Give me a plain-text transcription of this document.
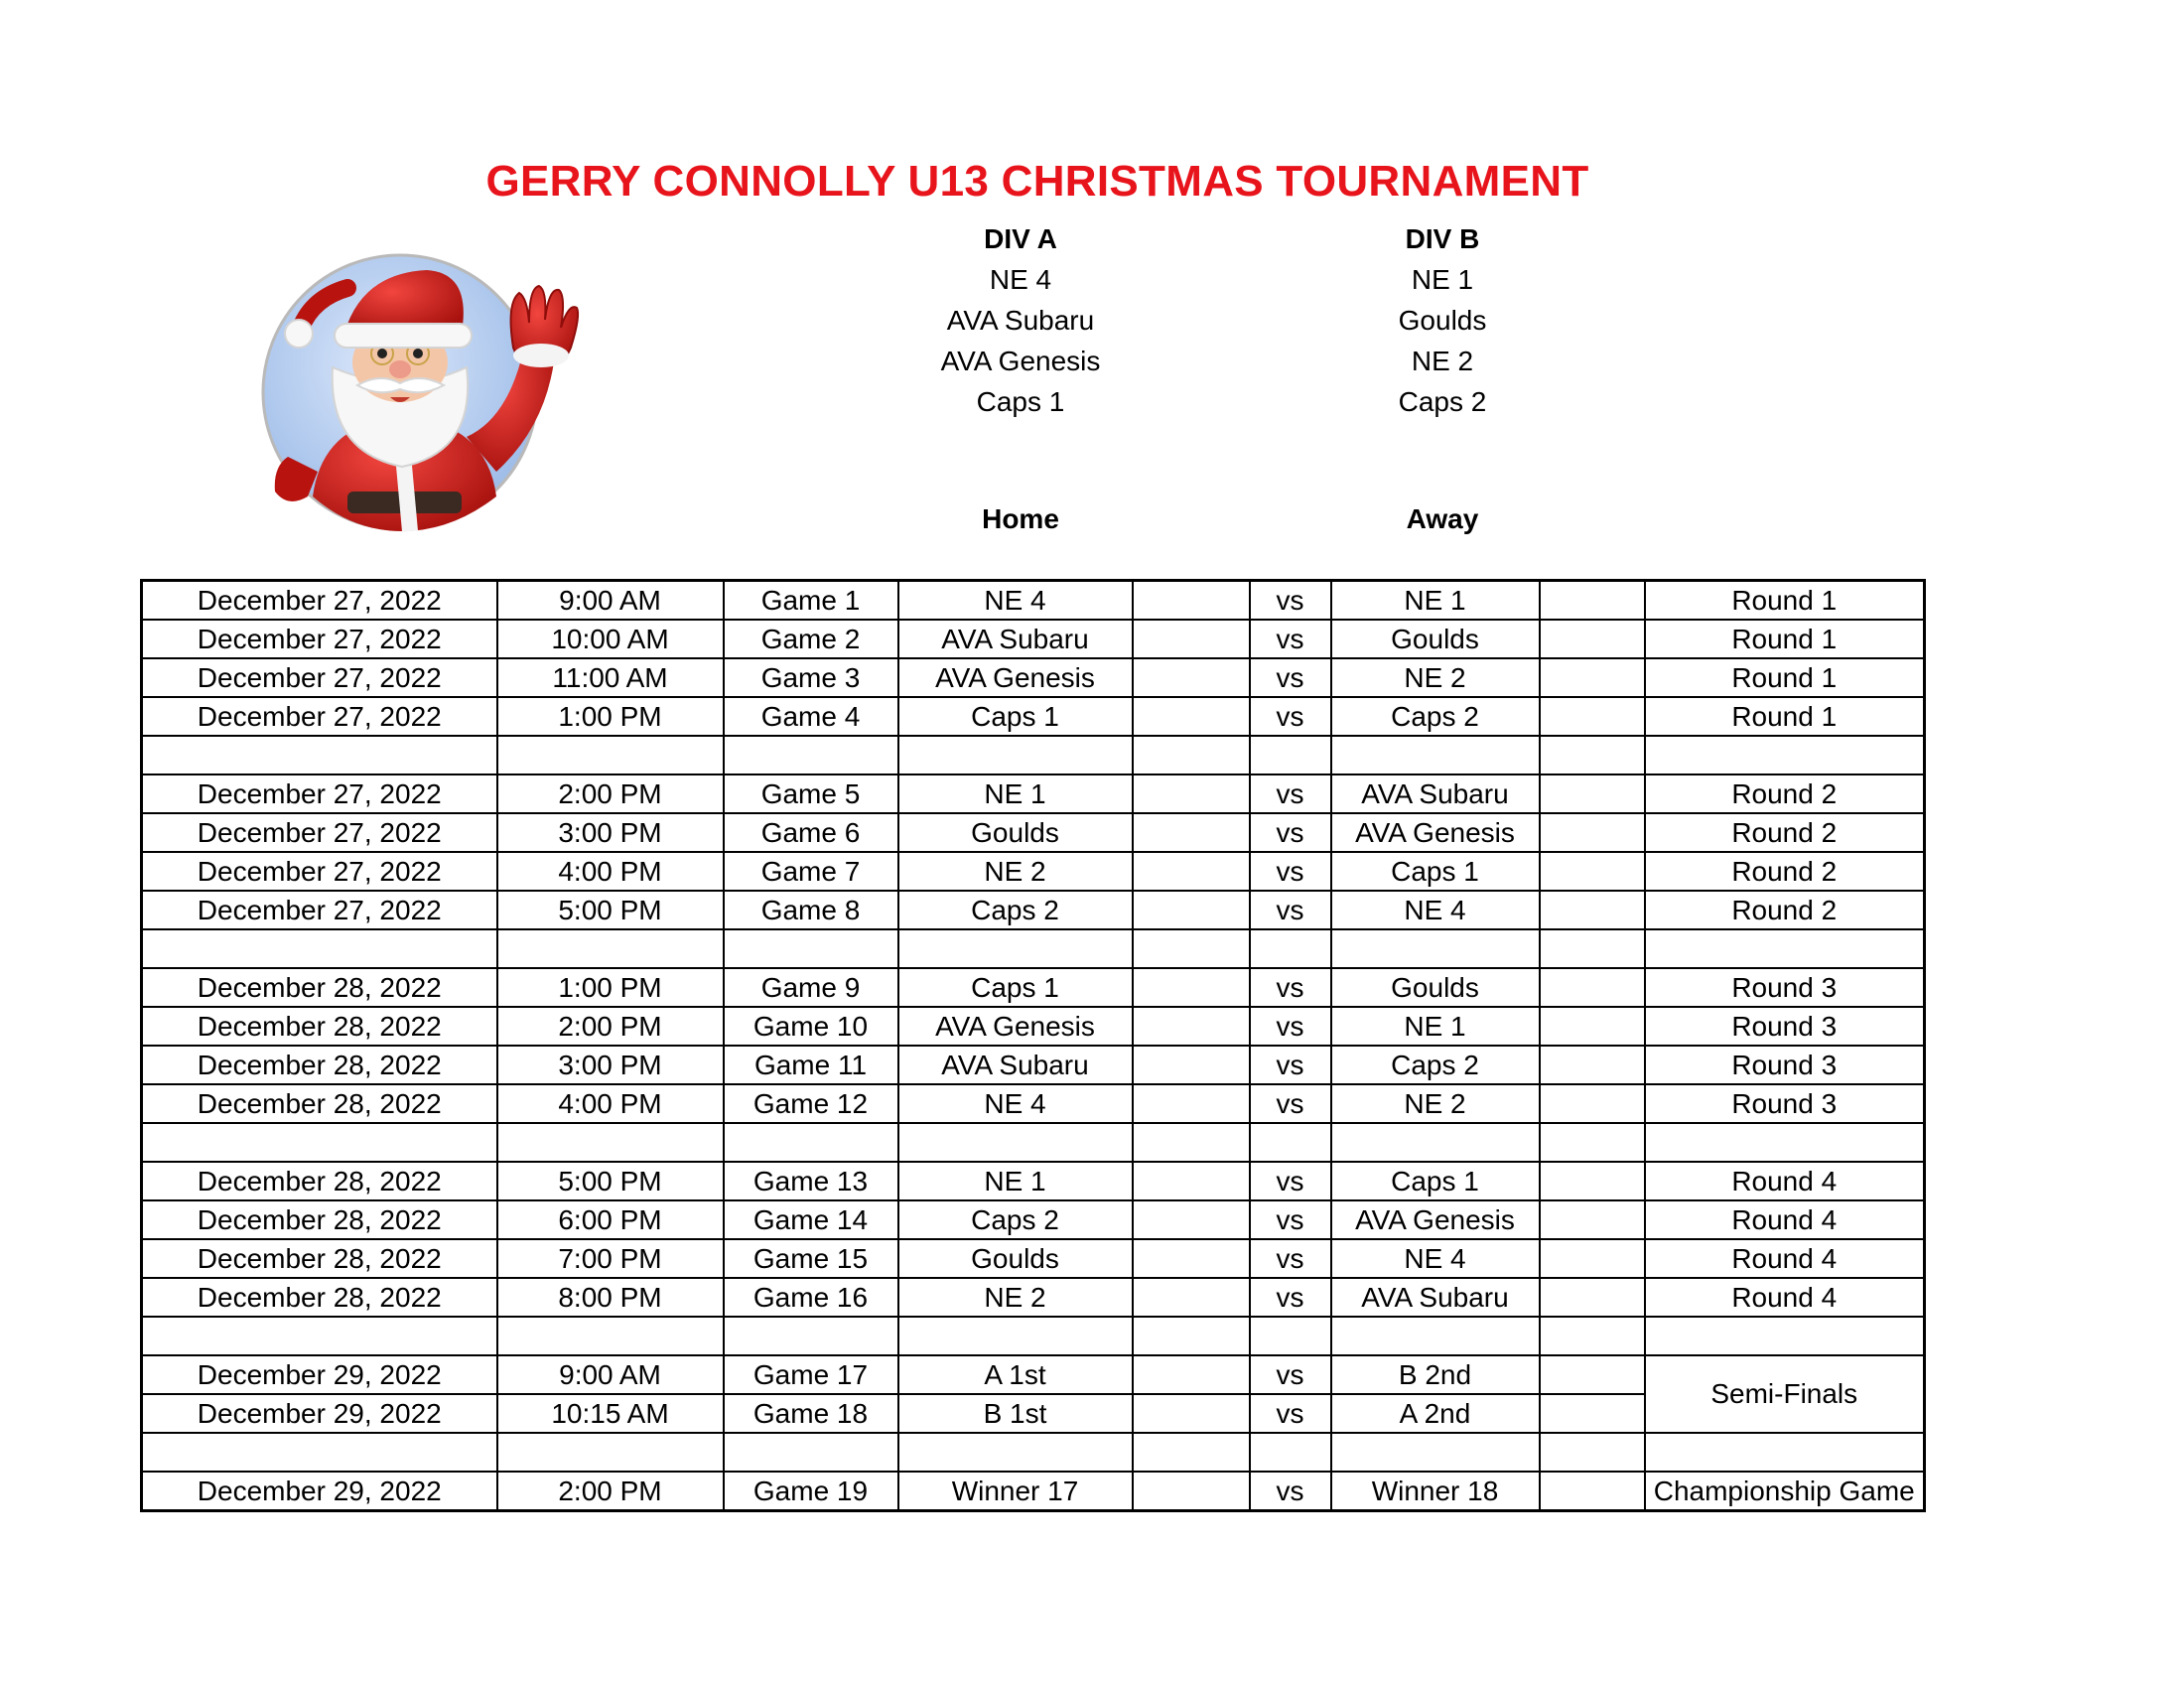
GERRY CONNOLLY U13 CHRISTMAS TOURNAMENT
DIV A
NE 4
AVA Subaru
AVA Genesis
Caps 1
DIV B
NE 1
Goulds
NE 2
Caps 2
Home	Away
December 27, 2022	9:00 AM	Game 1	NE 4		vs	NE 1		Round 1
December 27, 2022	10:00 AM	Game 2	AVA Subaru		vs	Goulds		Round 1
December 27, 2022	11:00 AM	Game 3	AVA Genesis		vs	NE 2		Round 1
December 27, 2022	1:00 PM	Game 4	Caps 1		vs	Caps 2		Round 1

December 27, 2022	2:00 PM	Game 5	NE 1		vs	AVA Subaru		Round 2
December 27, 2022	3:00 PM	Game 6	Goulds		vs	AVA Genesis		Round 2
December 27, 2022	4:00 PM	Game 7	NE 2		vs	Caps 1		Round 2
December 27, 2022	5:00 PM	Game 8	Caps 2		vs	NE 4		Round 2

December 28, 2022	1:00 PM	Game 9	Caps 1		vs	Goulds		Round 3
December 28, 2022	2:00 PM	Game 10	AVA Genesis		vs	NE 1		Round 3
December 28, 2022	3:00 PM	Game 11	AVA Subaru		vs	Caps 2		Round 3
December 28, 2022	4:00 PM	Game 12	NE 4		vs	NE 2		Round 3

December 28, 2022	5:00 PM	Game 13	NE 1		vs	Caps 1		Round 4
December 28, 2022	6:00 PM	Game 14	Caps 2		vs	AVA Genesis		Round 4
December 28, 2022	7:00 PM	Game 15	Goulds		vs	NE 4		Round 4
December 28, 2022	8:00 PM	Game 16	NE 2		vs	AVA Subaru		Round 4

December 29, 2022	9:00 AM	Game 17	A 1st		vs	B 2nd		Semi-Finals
December 29, 2022	10:15 AM	Game 18	B 1st		vs	A 2nd		

December 29, 2022	2:00 PM	Game 19	Winner 17		vs	Winner 18		Championship Game
